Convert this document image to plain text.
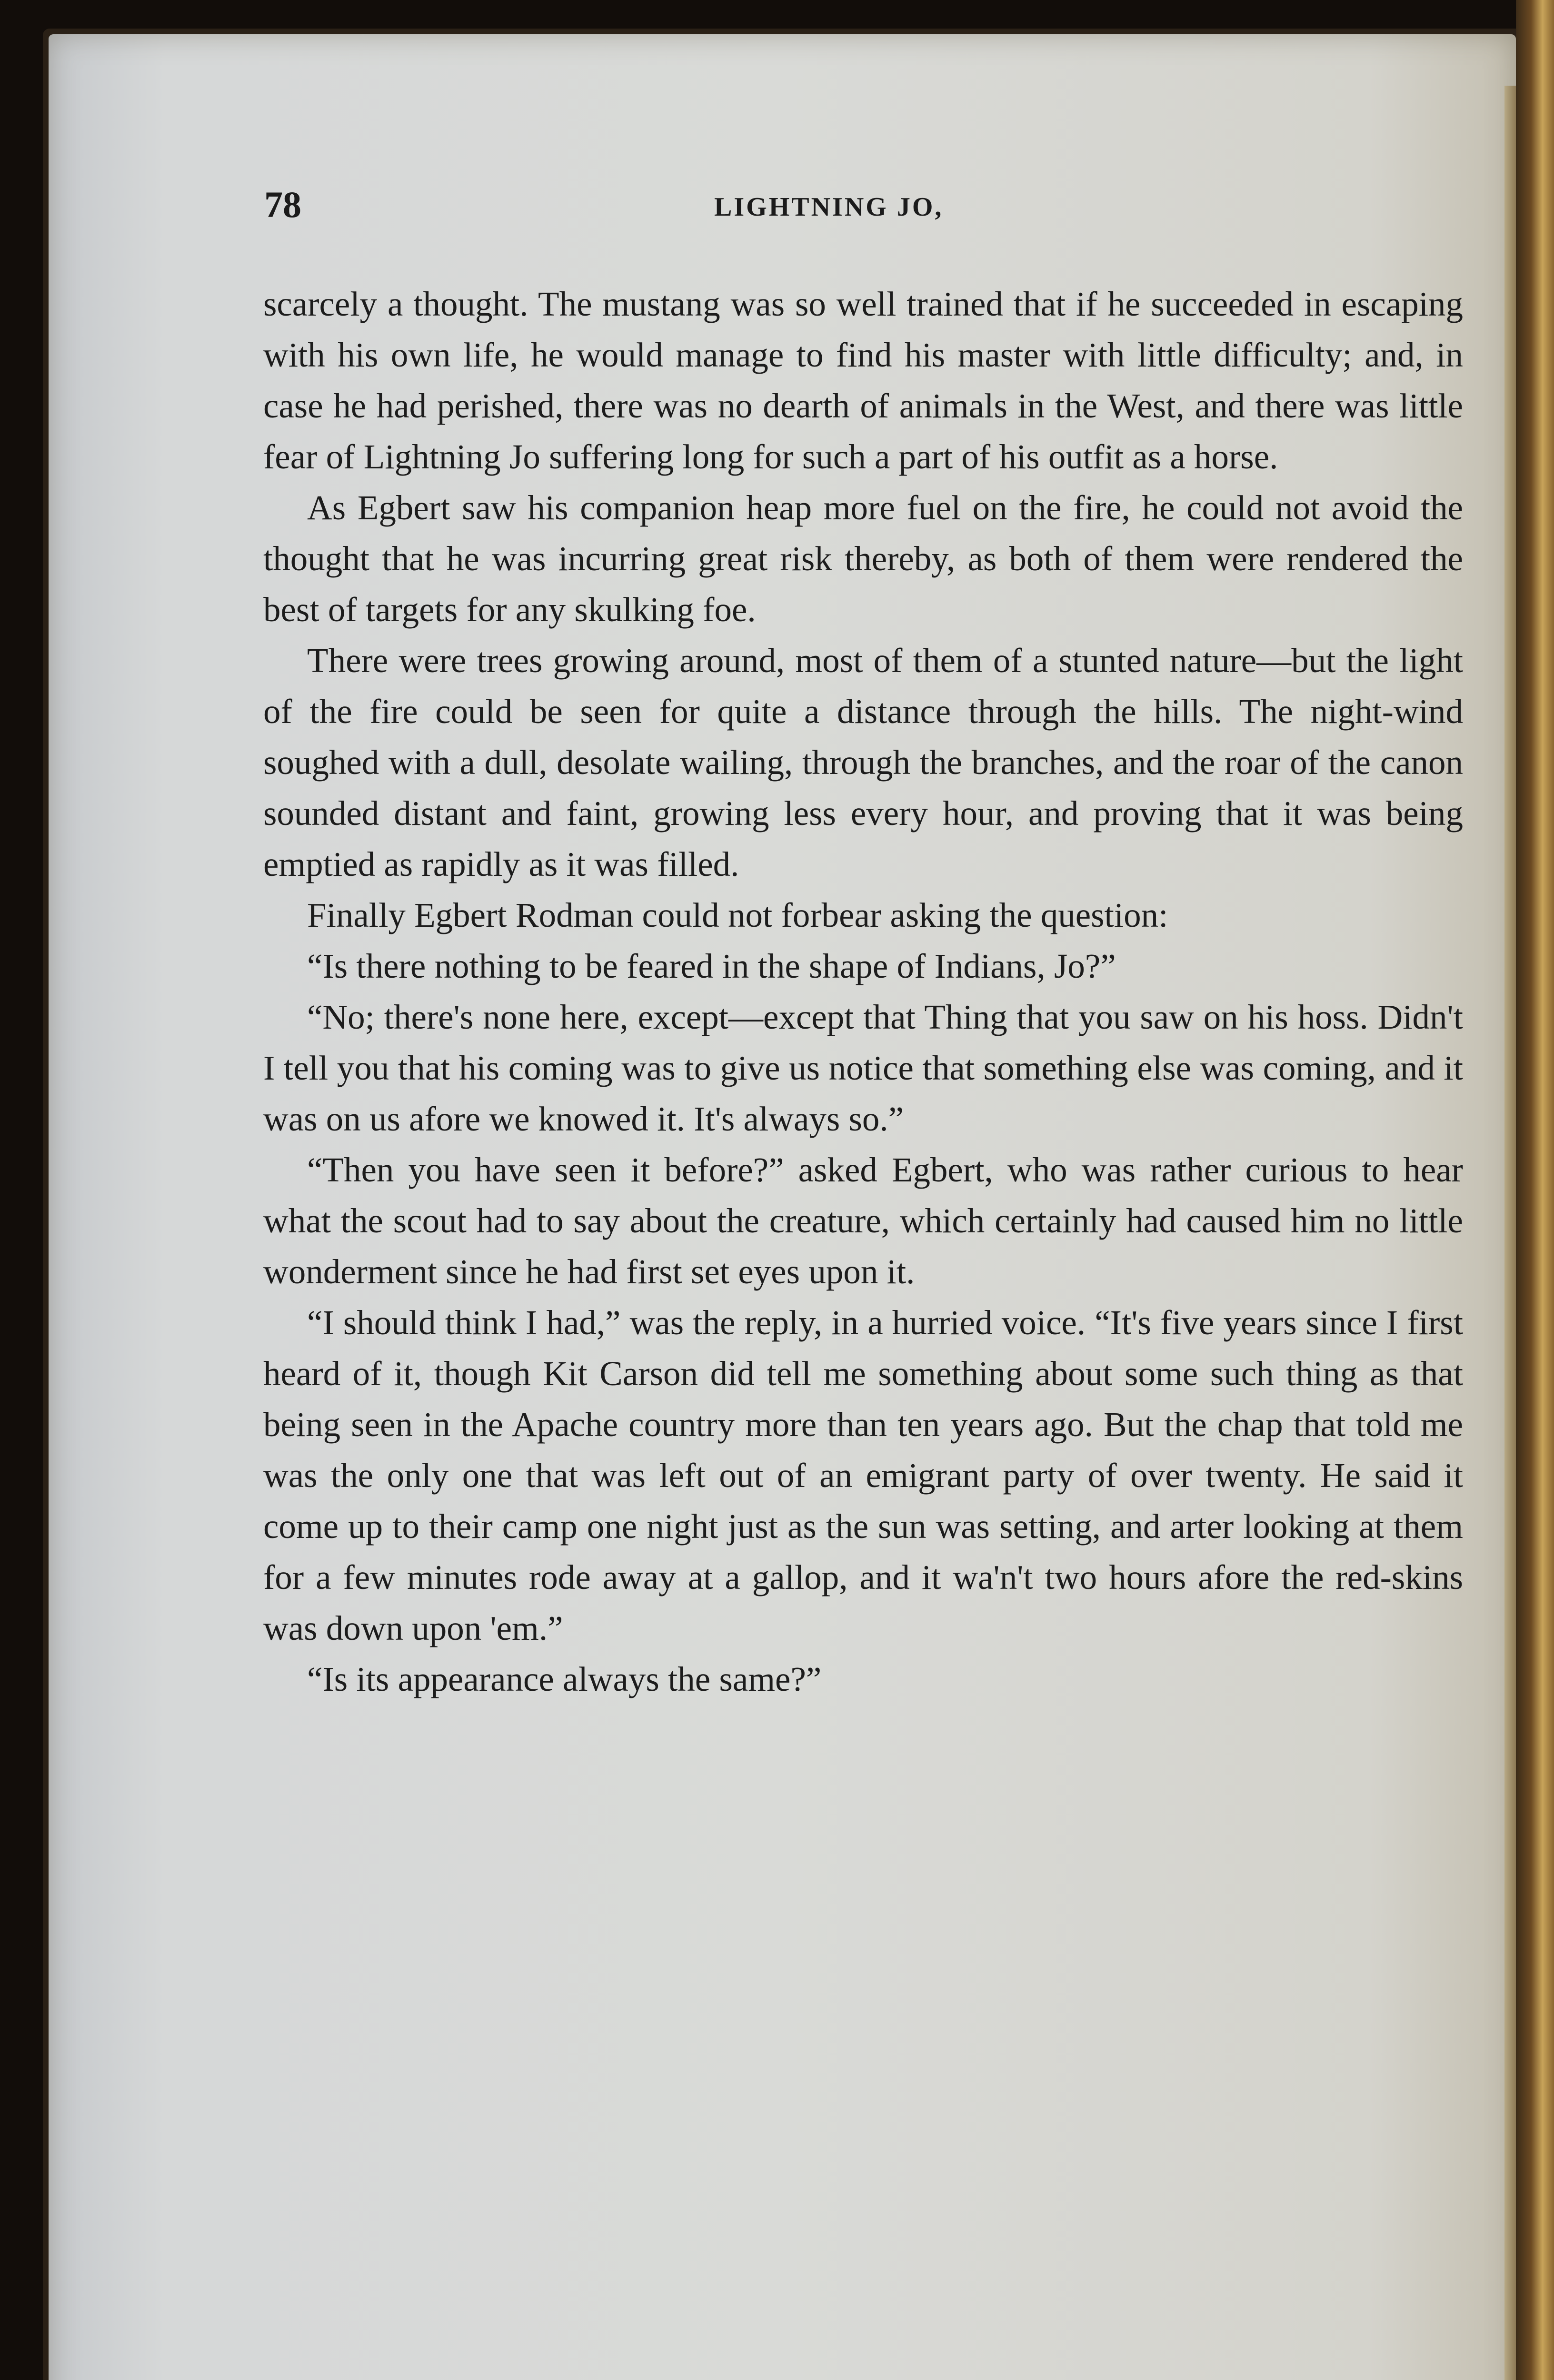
78	LIGHTNING JO,

scarcely a thought. The mustang was so well trained that if he succeeded in escaping with his own life, he would manage to find his master with little difficulty; and, in case he had perished, there was no dearth of animals in the West, and there was little fear of Lightning Jo suffering long for such a part of his outfit as a horse.

As Egbert saw his companion heap more fuel on the fire, he could not avoid the thought that he was incurring great risk thereby, as both of them were rendered the best of targets for any skulking foe.

There were trees growing around, most of them of a stunted nature—but the light of the fire could be seen for quite a distance through the hills. The night-wind soughed with a dull, desolate wailing, through the branches, and the roar of the canon sounded distant and faint, growing less every hour, and proving that it was being emptied as rapidly as it was filled.

Finally Egbert Rodman could not forbear asking the question:

“Is there nothing to be feared in the shape of Indians, Jo?”

“No; there's none here, except—except that Thing that you saw on his hoss. Didn't I tell you that his coming was to give us notice that something else was coming, and it was on us afore we knowed it. It's always so.”

“Then you have seen it before?” asked Egbert, who was rather curious to hear what the scout had to say about the creature, which certainly had caused him no little wonderment since he had first set eyes upon it.

“I should think I had,” was the reply, in a hurried voice. “It's five years since I first heard of it, though Kit Carson did tell me something about some such thing as that being seen in the Apache country more than ten years ago. But the chap that told me was the only one that was left out of an emigrant party of over twenty. He said it come up to their camp one night just as the sun was setting, and arter looking at them for a few minutes rode away at a gallop, and it wa'n't two hours afore the red-skins was down upon 'em.”

“Is its appearance always the same?”
